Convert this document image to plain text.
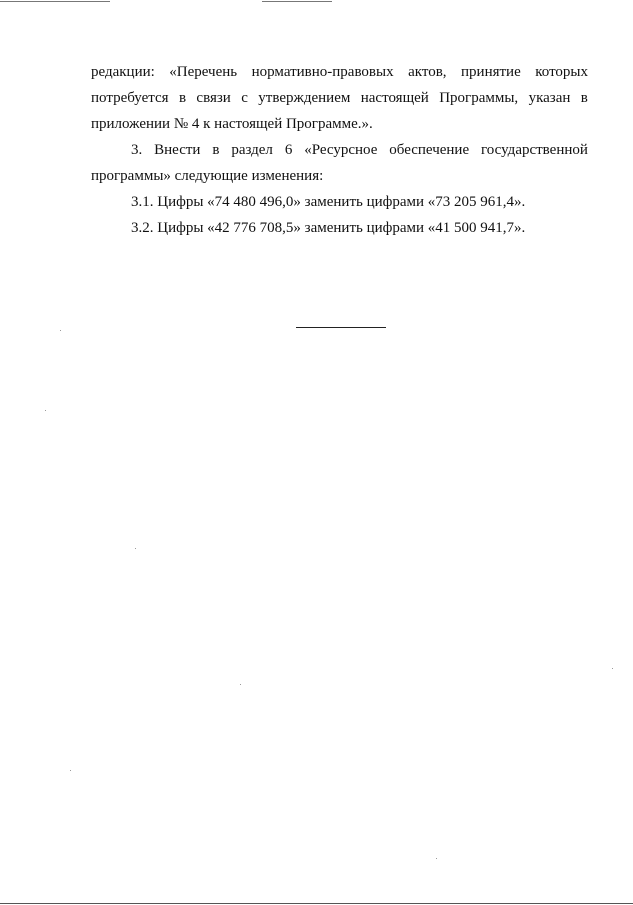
редакции: «Перечень нормативно-правовых актов, принятие которых
потребуется в связи с утверждением настоящей Программы, указан в
приложении № 4 к настоящей Программе.».
3. Внести в раздел 6 «Ресурсное обеспечение государственной
программы» следующие изменения:
3.1. Цифры «74 480 496,0» заменить цифрами «73 205 961,4».
3.2. Цифры «42 776 708,5» заменить цифрами «41 500 941,7».
